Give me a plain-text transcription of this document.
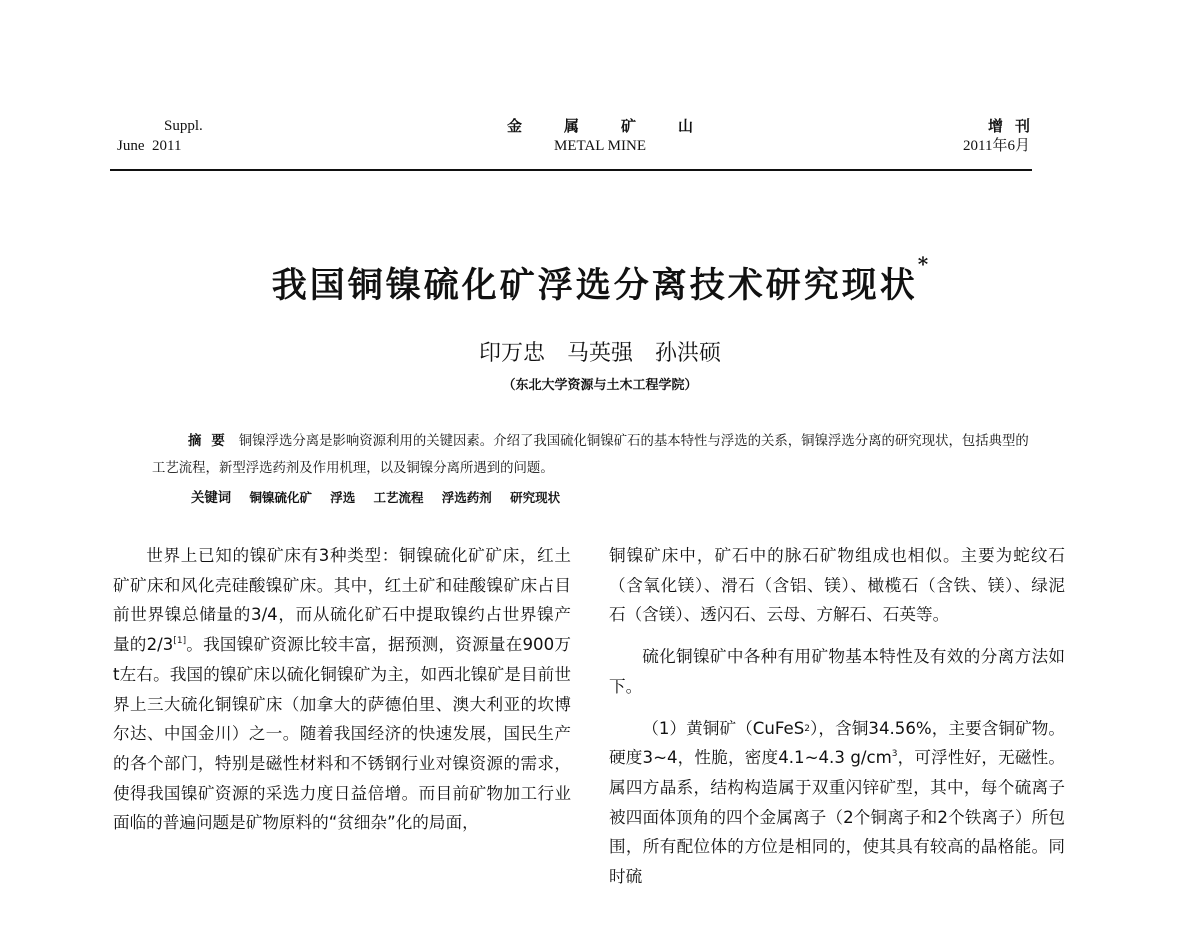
Suppl.
June  2011
金属矿山
METAL MINE
增刊
2011年6月
我国铜镍硫化矿浮选分离技术研究现状*
印万忠　马英强　孙洪硕
（东北大学资源与土木工程学院）
摘要 铜镍浮选分离是影响资源利用的关键因素。介绍了我国硫化铜镍矿石的基本特性与浮选的关系，铜镍浮选分离的研究现状，包括典型的工艺流程，新型浮选药剂及作用机理，以及铜镍分离所遇到的问题。
关键词 铜镍硫化矿 浮选 工艺流程 浮选药剂 研究现状

世界上已知的镍矿床有3种类型：铜镍硫化矿矿床，红土矿矿床和风化壳硅酸镍矿床。其中，红土矿和硅酸镍矿床占目前世界镍总储量的3/4，而从硫化矿石中提取镍约占世界镍产量的2/3[1]。我国镍矿资源比较丰富，据预测，资源量在900万t左右。我国的镍矿床以硫化铜镍矿为主，如西北镍矿是目前世界上三大硫化铜镍矿床（加拿大的萨德伯里、澳大利亚的坎博尔达、中国金川）之一。随着我国经济的快速发展，国民生产的各个部门，特别是磁性材料和不锈钢行业对镍资源的需求，使得我国镍矿资源的采选力度日益倍增。而目前矿物加工行业面临的普遍问题是矿物原料的“贫细杂”化的局面，

铜镍矿床中，矿石中的脉石矿物组成也相似。主要为蛇纹石（含氧化镁）、滑石（含铝、镁）、橄榄石（含铁、镁）、绿泥石（含镁）、透闪石、云母、方解石、石英等。

硫化铜镍矿中各种有用矿物基本特性及有效的分离方法如下。

（1）黄铜矿（CuFeS$_2$），含铜34.56%，主要含铜矿物。硬度3~4，性脆，密度4.1~4.3 $g/cm^3$，可浮性好，无磁性。属四方晶系，结构构造属于双重闪锌矿型，其中，每个硫离子被四面体顶角的四个金属离子（2个铜离子和2个铁离子）所包围，所有配位体的方位是相同的，使其具有较高的晶格能。同时硫
